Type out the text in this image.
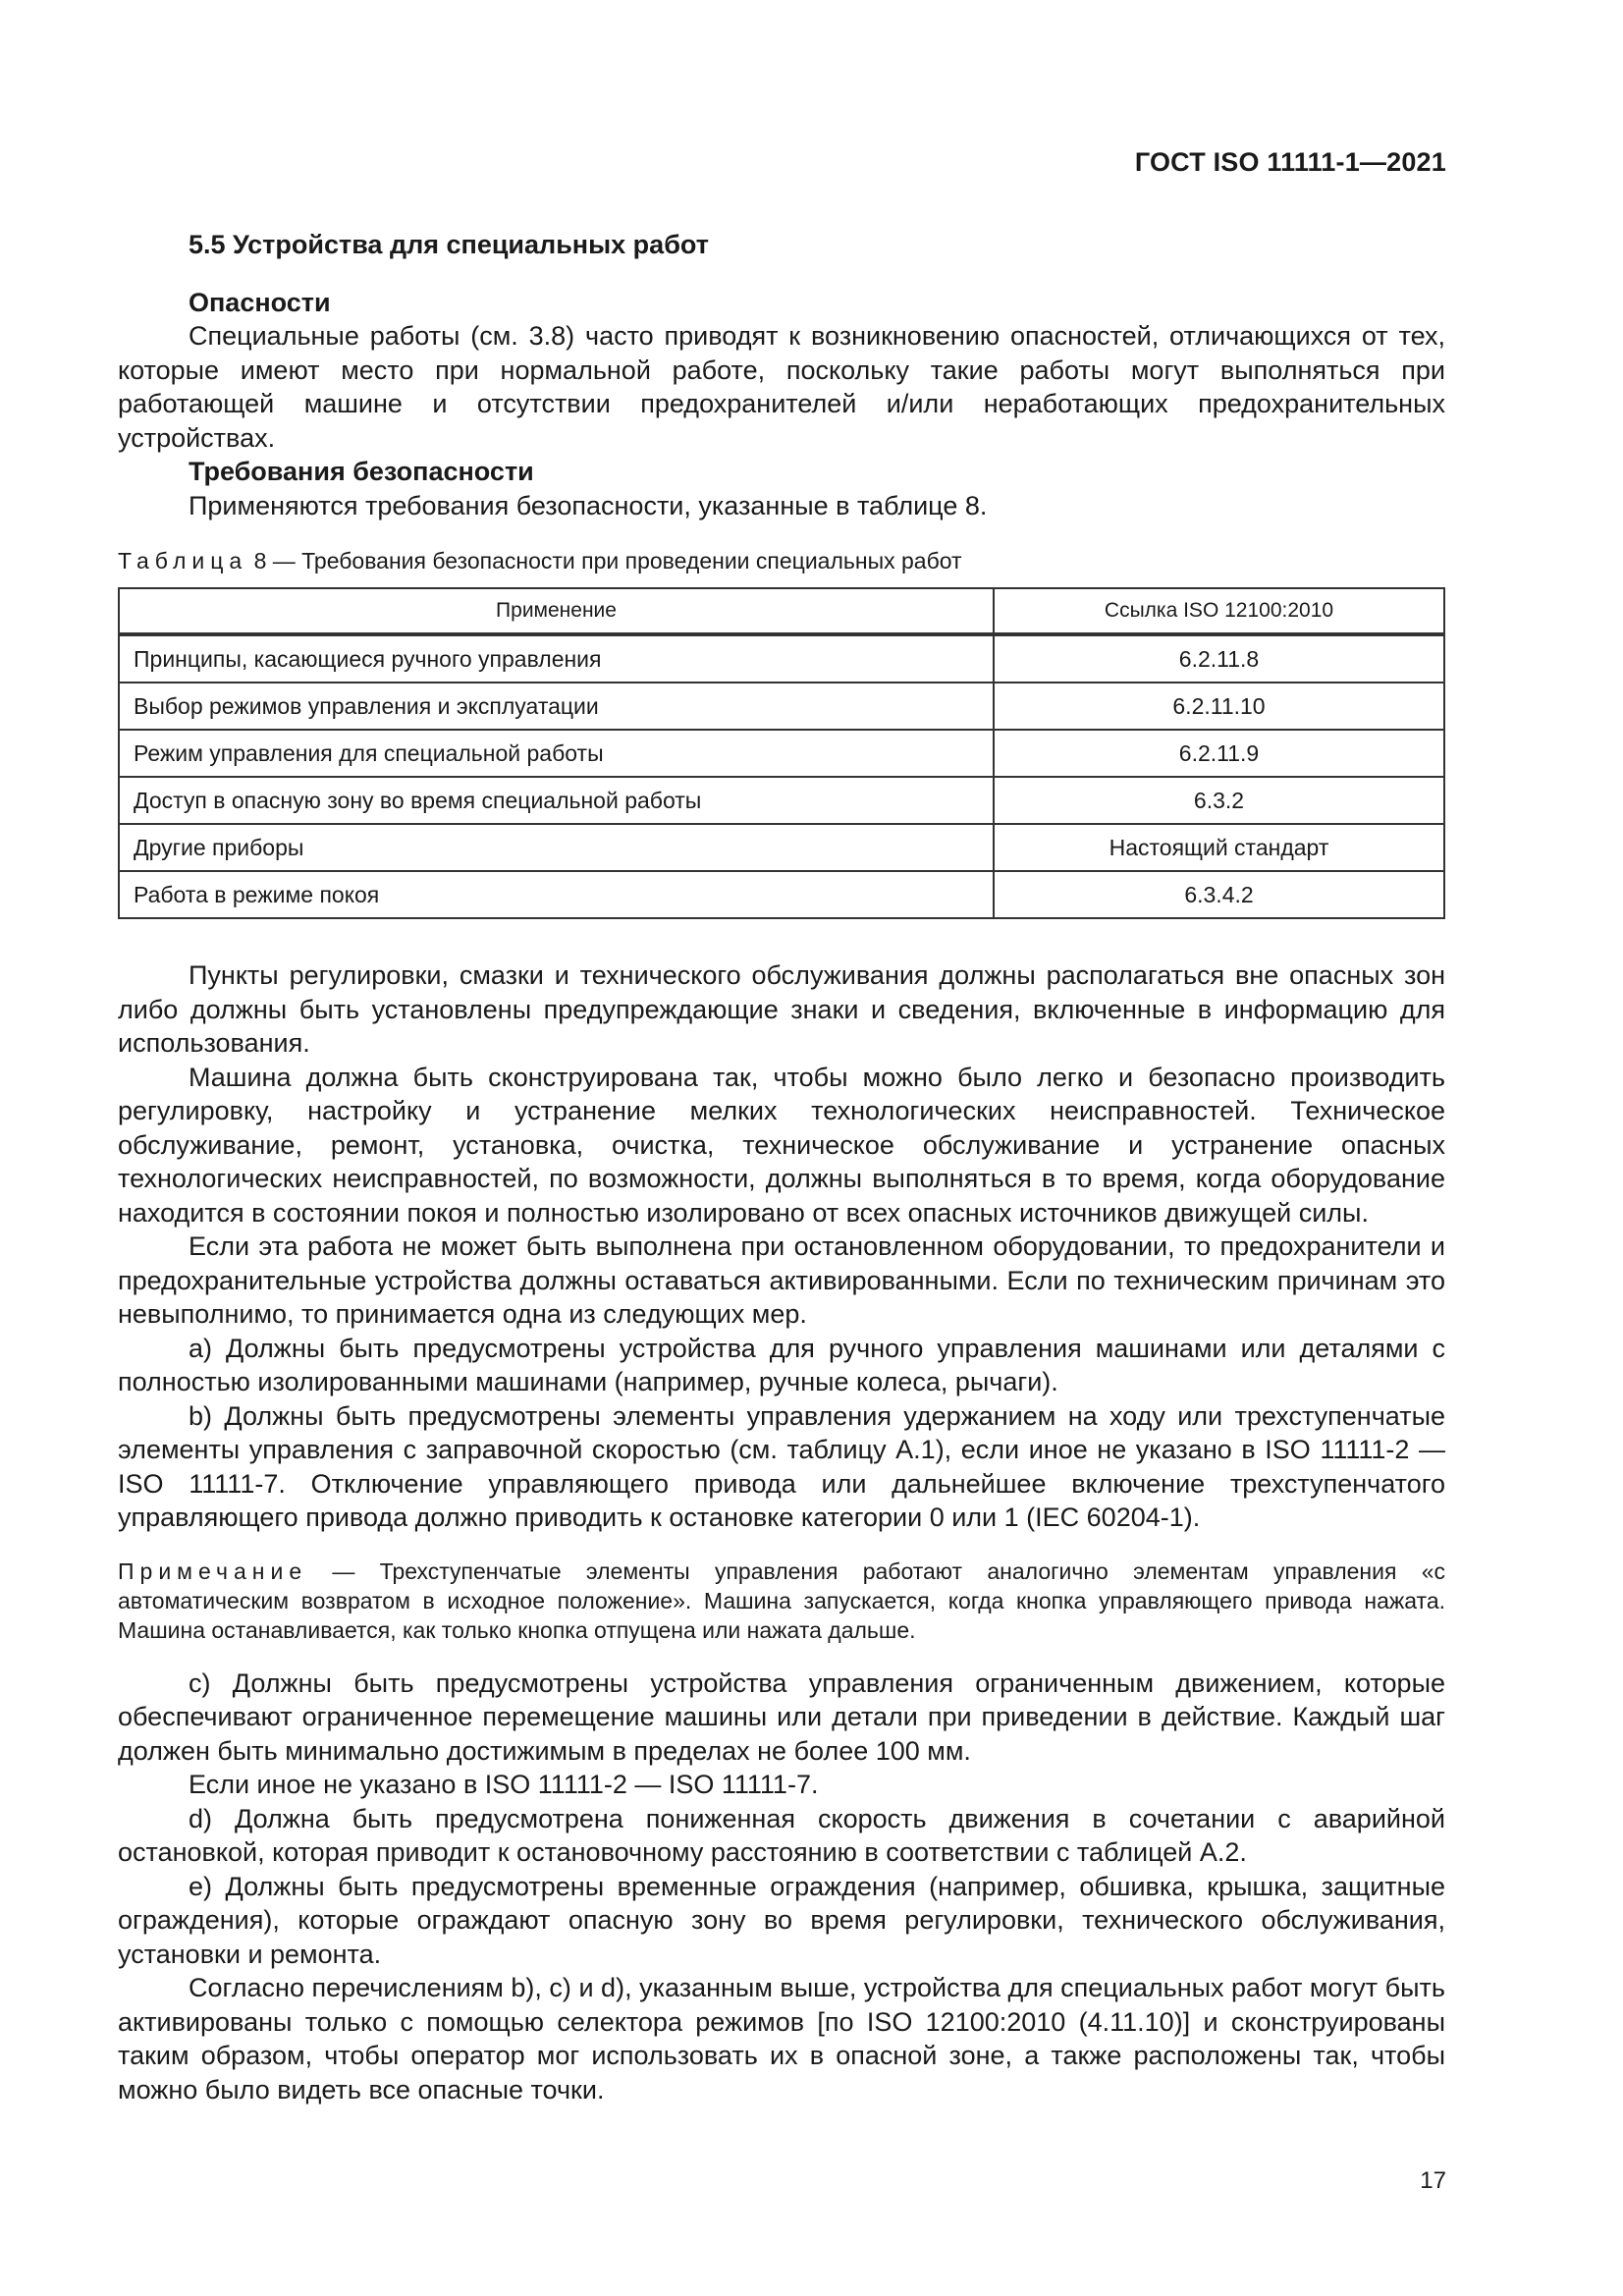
ГОСТ ISO 11111-1—2021
5.5 Устройства для специальных работ
Опасности

Специальные работы (см. 3.8) часто приводят к возникновению опасностей, отличающихся от тех, которые имеют место при нормальной работе, поскольку такие работы могут выполняться при работающей машине и отсутствии предохранителей и/или неработающих предохранительных устройствах.

Требования безопасности

Применяются требования безопасности, указанные в таблице 8.

Таблица 8 — Требования безопасности при проведении специальных работ
Применение	Ссылка ISO 12100:2010
Принципы, касающиеся ручного управления	6.2.11.8
Выбор режимов управления и эксплуатации	6.2.11.10
Режим управления для специальной работы	6.2.11.9
Доступ в опасную зону во время специальной работы	6.3.2
Другие приборы	Настоящий стандарт
Работа в режиме покоя	6.3.4.2

Пункты регулировки, смазки и технического обслуживания должны располагаться вне опасных зон либо должны быть установлены предупреждающие знаки и сведения, включенные в информацию для использования.

Машина должна быть сконструирована так, чтобы можно было легко и безопасно производить регулировку, настройку и устранение мелких технологических неисправностей. Техническое обслуживание, ремонт, установка, очистка, техническое обслуживание и устранение опасных технологических неисправностей, по возможности, должны выполняться в то время, когда оборудование находится в состоянии покоя и полностью изолировано от всех опасных источников движущей силы.

Если эта работа не может быть выполнена при остановленном оборудовании, то предохранители и предохранительные устройства должны оставаться активированными. Если по техническим причинам это невыполнимо, то принимается одна из следующих мер.

a) Должны быть предусмотрены устройства для ручного управления машинами или деталями с полностью изолированными машинами (например, ручные колеса, рычаги).

b) Должны быть предусмотрены элементы управления удержанием на ходу или трехступенчатые элементы управления с заправочной скоростью (см. таблицу А.1), если иное не указано в ISO 11111-2 — ISO 11111-7. Отключение управляющего привода или дальнейшее включение трехступенчатого управляющего привода должно приводить к остановке категории 0 или 1 (IEC 60204-1).

Примечание — Трехступенчатые элементы управления работают аналогично элементам управления «с автоматическим возвратом в исходное положение». Машина запускается, когда кнопка управляющего привода нажата. Машина останавливается, как только кнопка отпущена или нажата дальше.

c) Должны быть предусмотрены устройства управления ограниченным движением, которые обеспечивают ограниченное перемещение машины или детали при приведении в действие. Каждый шаг должен быть минимально достижимым в пределах не более 100 мм.

Если иное не указано в ISO 11111-2 — ISO 11111-7.

d) Должна быть предусмотрена пониженная скорость движения в сочетании с аварийной остановкой, которая приводит к остановочному расстоянию в соответствии с таблицей А.2.

e) Должны быть предусмотрены временные ограждения (например, обшивка, крышка, защитные ограждения), которые ограждают опасную зону во время регулировки, технического обслуживания, установки и ремонта.

Согласно перечислениям b), c) и d), указанным выше, устройства для специальных работ могут быть активированы только с помощью селектора режимов [по ISO 12100:2010 (4.11.10)] и сконструированы таким образом, чтобы оператор мог использовать их в опасной зоне, а также расположены так, чтобы можно было видеть все опасные точки.

17
